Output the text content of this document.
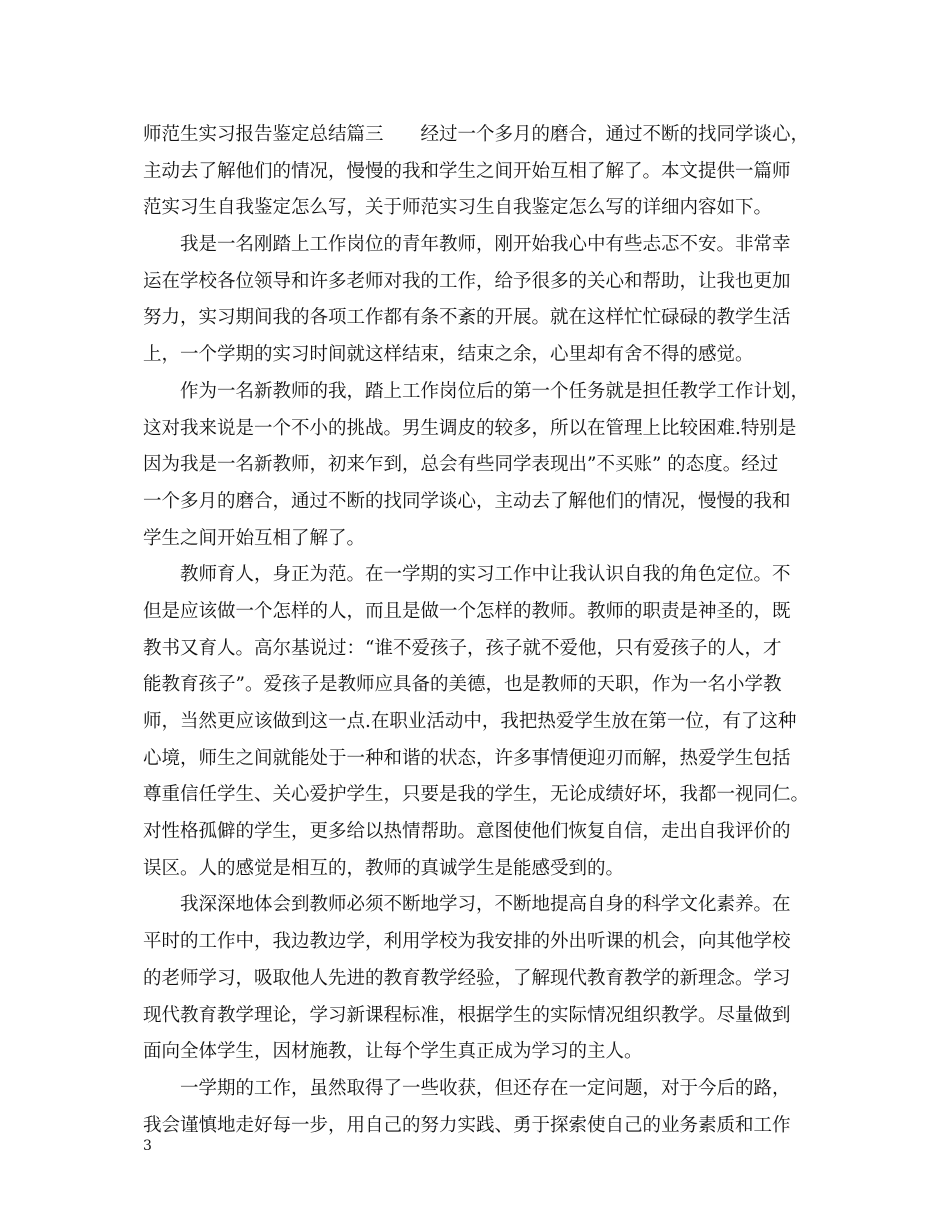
师范生实习报告鉴定总结篇三　　经过一个多月的磨合，通过不断的找同学谈心，
主动去了解他们的情况，慢慢的我和学生之间开始互相了解了。本文提供一篇师
范实习生自我鉴定怎么写，关于师范实习生自我鉴定怎么写的详细内容如下。
我是一名刚踏上工作岗位的青年教师，刚开始我心中有些忐忑不安。非常幸
运在学校各位领导和许多老师对我的工作，给予很多的关心和帮助，让我也更加
努力，实习期间我的各项工作都有条不紊的开展。就在这样忙忙碌碌的教学生活
上，一个学期的实习时间就这样结束，结束之余，心里却有舍不得的感觉。
作为一名新教师的我，踏上工作岗位后的第一个任务就是担任教学工作计划，
这对我来说是一个不小的挑战。男生调皮的较多，所以在管理上比较困难.特别是
因为我是一名新教师，初来乍到，总会有些同学表现出”不买账” 的态度。经过
一个多月的磨合，通过不断的找同学谈心，主动去了解他们的情况，慢慢的我和
学生之间开始互相了解了。
教师育人，身正为范。在一学期的实习工作中让我认识自我的角色定位。不
但是应该做一个怎样的人，而且是做一个怎样的教师。教师的职责是神圣的，既
教书又育人。高尔基说过：“谁不爱孩子，孩子就不爱他，只有爱孩子的人，才
能教育孩子”。爱孩子是教师应具备的美德，也是教师的天职，作为一名小学教
师，当然更应该做到这一点.在职业活动中，我把热爱学生放在第一位，有了这种
心境，师生之间就能处于一种和谐的状态，许多事情便迎刃而解，热爱学生包括
尊重信任学生、关心爱护学生，只要是我的学生，无论成绩好坏，我都一视同仁。
对性格孤僻的学生，更多给以热情帮助。意图使他们恢复自信，走出自我评价的
误区。人的感觉是相互的，教师的真诚学生是能感受到的。
我深深地体会到教师必须不断地学习，不断地提高自身的科学文化素养。在
平时的工作中，我边教边学，利用学校为我安排的外出听课的机会，向其他学校
的老师学习，吸取他人先进的教育教学经验，了解现代教育教学的新理念。学习
现代教育教学理论，学习新课程标准，根据学生的实际情况组织教学。尽量做到
面向全体学生，因材施教，让每个学生真正成为学习的主人。
一学期的工作，虽然取得了一些收获，但还存在一定问题，对于今后的路，
我会谨慎地走好每一步，用自己的努力实践、勇于探索使自己的业务素质和工作
3
